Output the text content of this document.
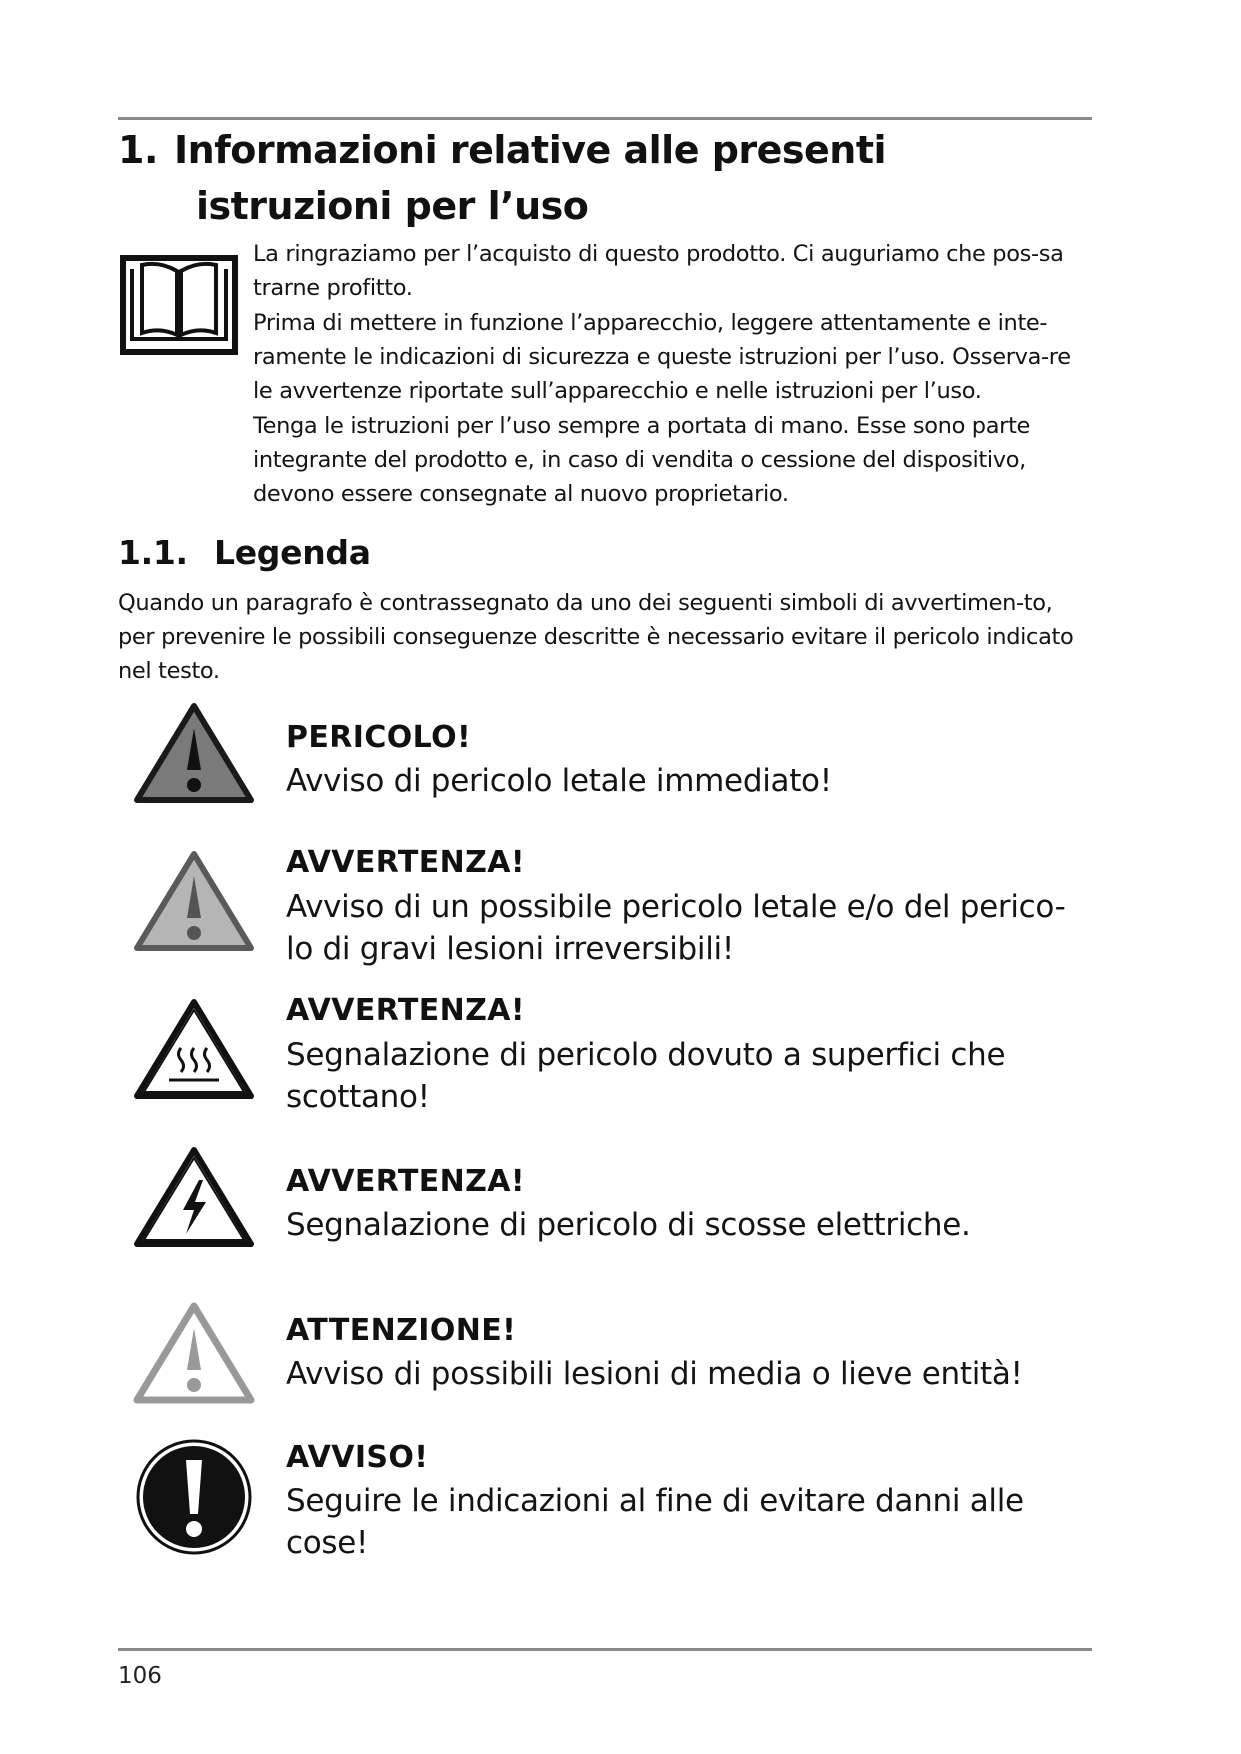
1. Informazioni relative alle presenti
istruzioni per l’uso

La ringraziamo per l’acquisto di questo prodotto. Ci auguriamo che pos-sa trarne profitto.

Prima di mettere in funzione l’apparecchio, leggere attentamente e inte-ramente le indicazioni di sicurezza e queste istruzioni per l’uso. Osserva-re le avvertenze riportate sull’apparecchio e nelle istruzioni per l’uso.

Tenga le istruzioni per l’uso sempre a portata di mano. Esse sono parte integrante del prodotto e, in caso di vendita o cessione del dispositivo, devono essere consegnate al nuovo proprietario.

1.1. Legenda

Quando un paragrafo è contrassegnato da uno dei seguenti simboli di avvertimen-to, per prevenire le possibili conseguenze descritte è necessario evitare il pericolo indicato nel testo.

PERICOLO!

Avviso di pericolo letale immediato!

AVVERTENZA!

Avviso di un possibile pericolo letale e/o del perico-lo di gravi lesioni irreversibili!

AVVERTENZA!

Segnalazione di pericolo dovuto a superfici che scottano!

AVVERTENZA!

Segnalazione di pericolo di scosse elettriche.

ATTENZIONE!

Avviso di possibili lesioni di media o lieve entità!

AVVISO!

Seguire le indicazioni al fine di evitare danni alle cose!

106
